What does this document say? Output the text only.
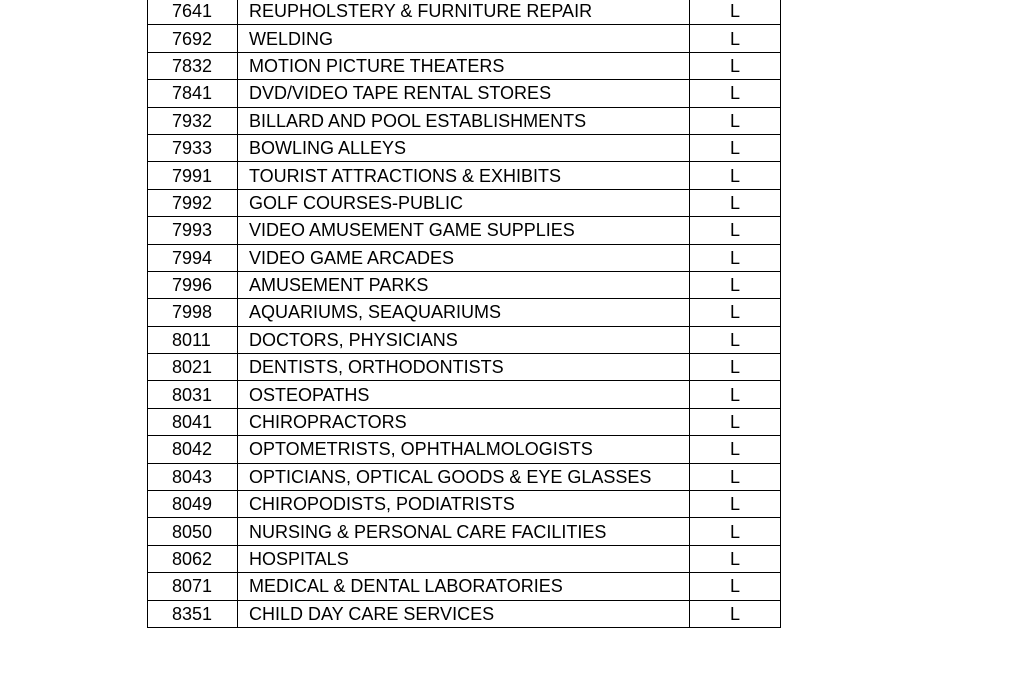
7641	REUPHOLSTERY & FURNITURE REPAIR	L
7692	WELDING	L
7832	MOTION PICTURE THEATERS	L
7841	DVD/VIDEO TAPE RENTAL STORES	L
7932	BILLARD AND POOL ESTABLISHMENTS	L
7933	BOWLING ALLEYS	L
7991	TOURIST ATTRACTIONS & EXHIBITS	L
7992	GOLF COURSES-PUBLIC	L
7993	VIDEO AMUSEMENT GAME SUPPLIES	L
7994	VIDEO GAME ARCADES	L
7996	AMUSEMENT PARKS	L
7998	AQUARIUMS, SEAQUARIUMS	L
8011	DOCTORS, PHYSICIANS	L
8021	DENTISTS, ORTHODONTISTS	L
8031	OSTEOPATHS	L
8041	CHIROPRACTORS	L
8042	OPTOMETRISTS, OPHTHALMOLOGISTS	L
8043	OPTICIANS, OPTICAL GOODS & EYE GLASSES	L
8049	CHIROPODISTS, PODIATRISTS	L
8050	NURSING & PERSONAL CARE FACILITIES	L
8062	HOSPITALS	L
8071	MEDICAL & DENTAL LABORATORIES	L
8351	CHILD DAY CARE SERVICES	L
